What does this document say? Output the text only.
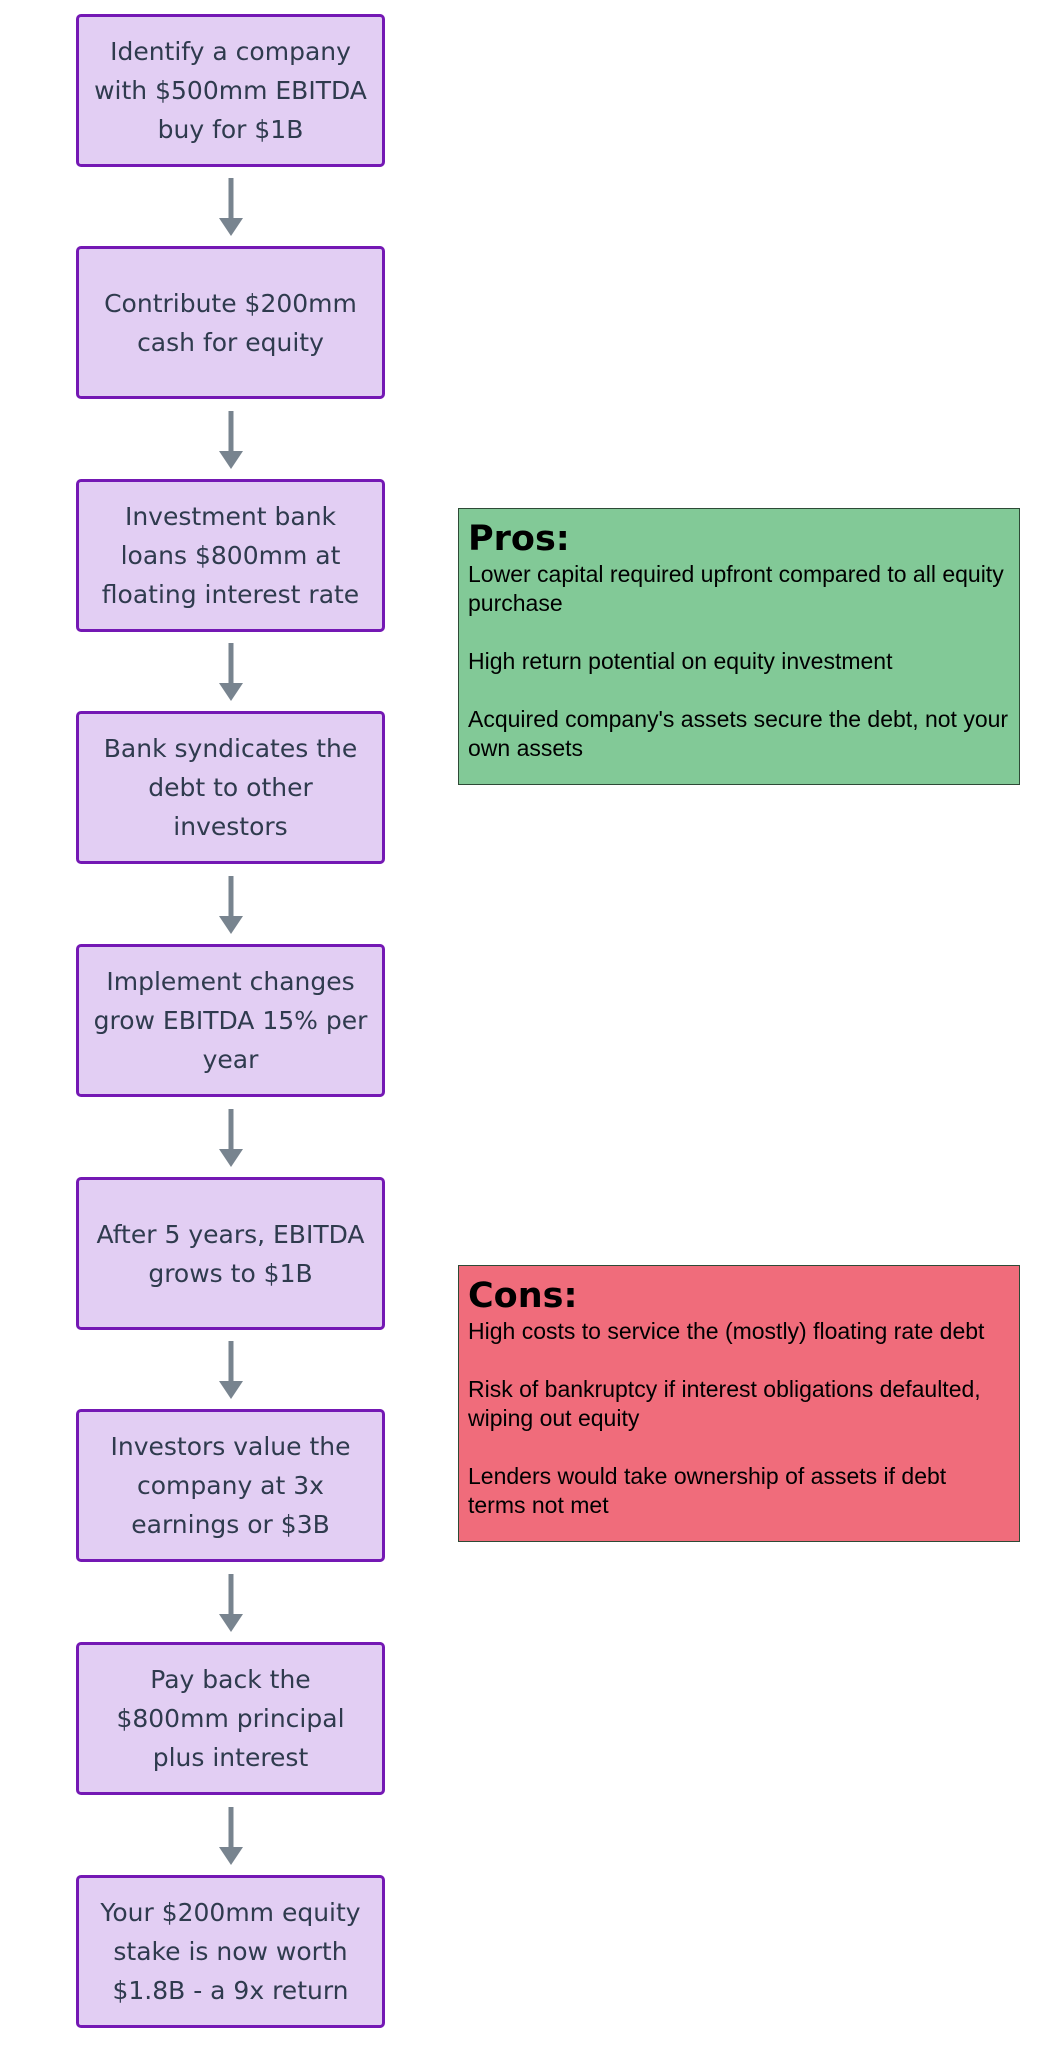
Identify a company
with $500mm EBITDA
buy for $1B
Contribute $200mm
cash for equity
Investment bank
loans $800mm at
floating interest rate
Bank syndicates the
debt to other
investors
Implement changes
grow EBITDA 15% per
year
After 5 years, EBITDA
grows to $1B
Investors value the
company at 3x
earnings or $3B
Pay back the
$800mm principal
plus interest
Your $200mm equity
stake is now worth
$1.8B - a 9x return
Pros:
Lower capital required upfront compared to all equity purchase
High return potential on equity investment
Acquired company's assets secure the debt, not your own assets
Cons:
High costs to service the (mostly) floating rate debt
Risk of bankruptcy if interest obligations defaulted, wiping out equity
Lenders would take ownership of assets if debt terms not met
